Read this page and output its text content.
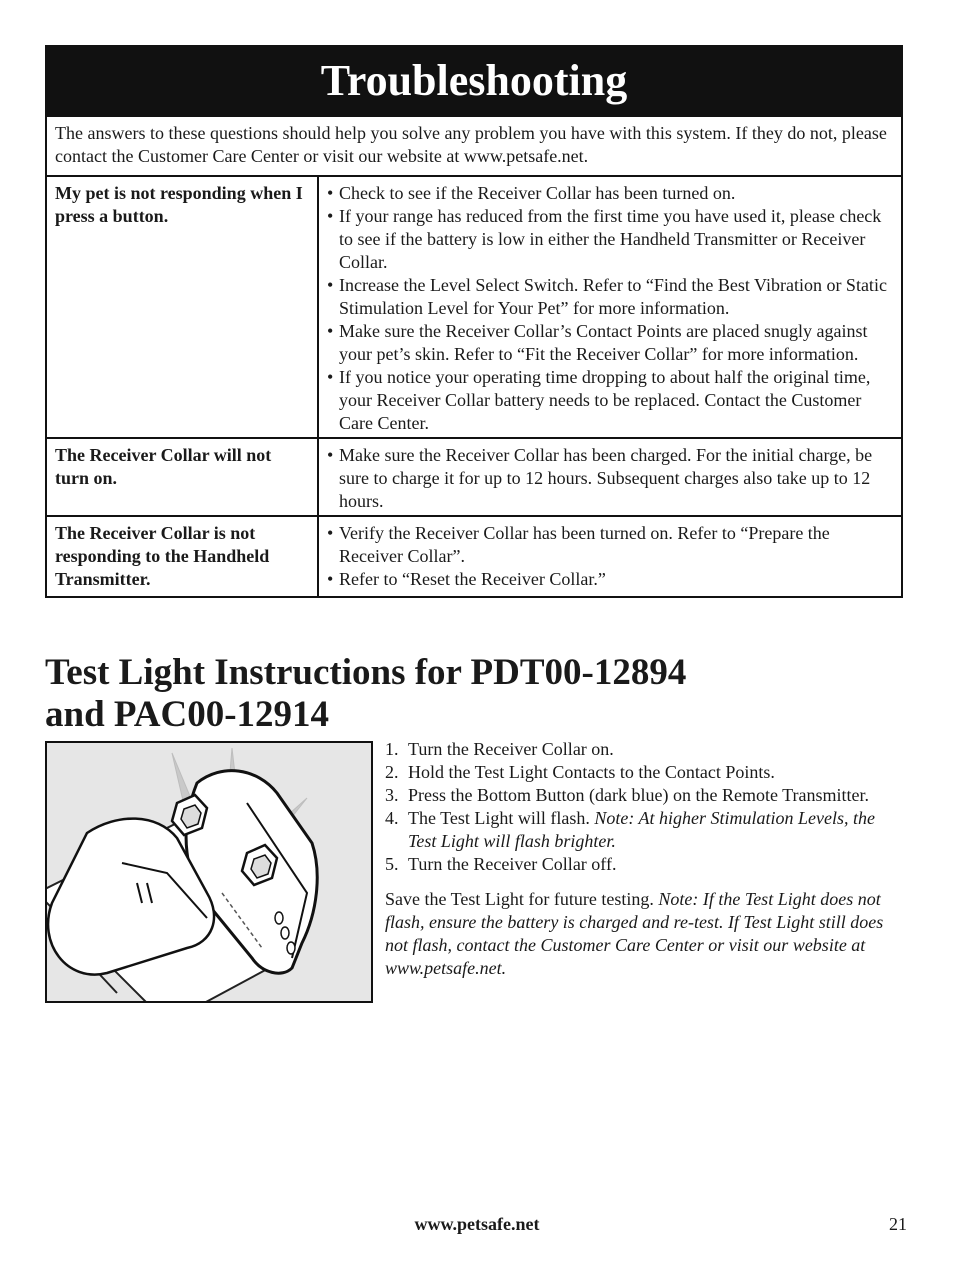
Troubleshooting
The answers to these questions should help you solve any problem you have with this system. If they do not, please contact the Customer Care Center or visit our website at www.petsafe.net.
My pet is not responding when I press a button.
• Check to see if the Receiver Collar has been turned on.
• If your range has reduced from the first time you have used it, please check to see if the battery is low in either the Handheld Transmitter or Receiver Collar.
• Increase the Level Select Switch. Refer to “Find the Best Vibration or Static Stimulation Level for Your Pet” for more information.
• Make sure the Receiver Collar’s Contact Points are placed snugly against your pet’s skin. Refer to “Fit the Receiver Collar” for more information.
• If you notice your operating time dropping to about half the original time, your Receiver Collar battery needs to be replaced. Contact the Customer Care Center.
The Receiver Collar will not turn on.
• Make sure the Receiver Collar has been charged. For the initial charge, be sure to charge it for up to 12 hours. Subsequent charges also take up to 12 hours.
The Receiver Collar is not responding to the Handheld Transmitter.
• Verify the Receiver Collar has been turned on. Refer to “Prepare the Receiver Collar”.
• Refer to “Reset the Receiver Collar.”
Test Light Instructions for PDT00-12894
and PAC00-12914
1. Turn the Receiver Collar on.
2. Hold the Test Light Contacts to the Contact Points.
3. Press the Bottom Button (dark blue) on the Remote Transmitter.
4. The Test Light will flash. Note: At higher Stimulation Levels, the Test Light will flash brighter.
5. Turn the Receiver Collar off.
Save the Test Light for future testing. Note: If the Test Light does not flash, ensure the battery is charged and re-test. If Test Light still does not flash, contact the Customer Care Center or visit our website at www.petsafe.net.
www.petsafe.net	21
